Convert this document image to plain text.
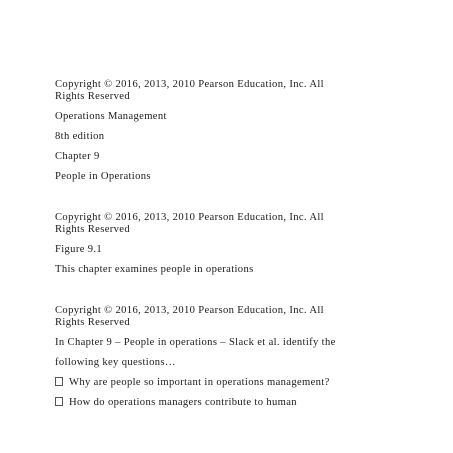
Copyright © 2016, 2013, 2010 Pearson Education, Inc. All
Rights Reserved
Operations Management
8th edition
Chapter 9
People in Operations
Copyright © 2016, 2013, 2010 Pearson Education, Inc. All
Rights Reserved
Figure 9.1
This chapter examines people in operations
Copyright © 2016, 2013, 2010 Pearson Education, Inc. All
Rights Reserved
In Chapter 9 – People in operations – Slack et al. identify the
following key questions…
Why are people so important in operations management?
How do operations managers contribute to human
